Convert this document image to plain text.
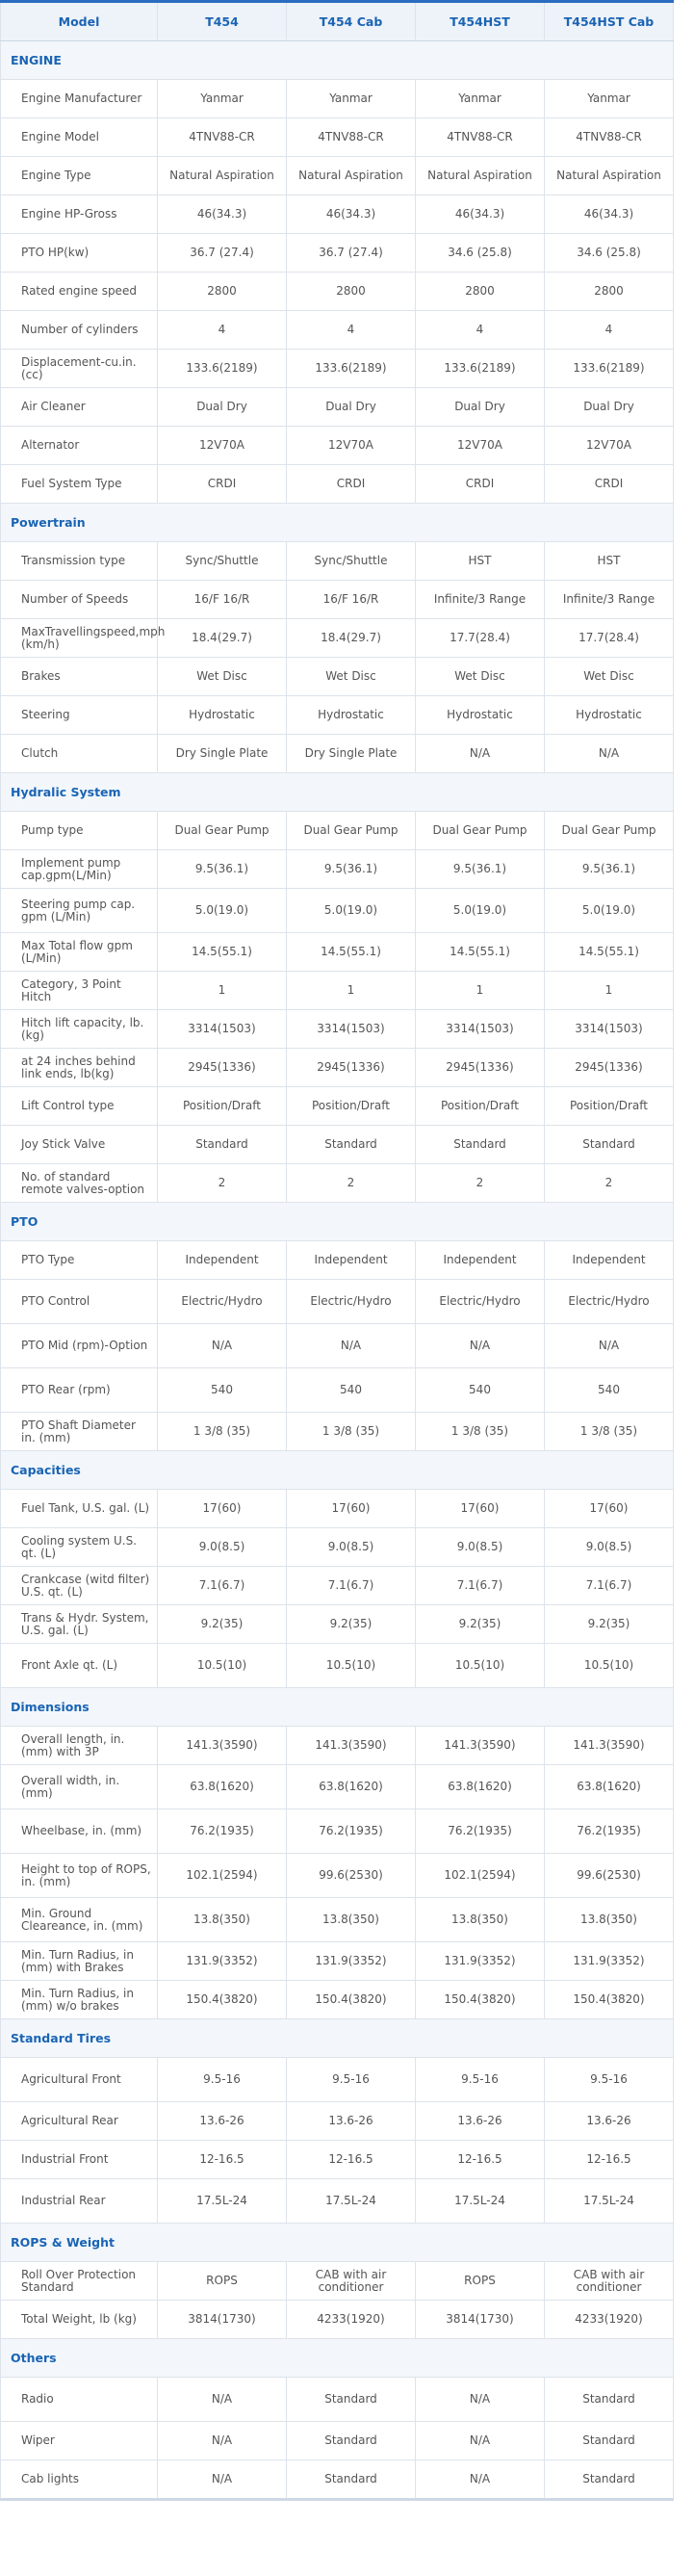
Model	T454	T454 Cab	T454HST	T454HST Cab
ENGINE				
Engine Manufacturer	Yanmar	Yanmar	Yanmar	Yanmar
Engine Model	4TNV88-CR	4TNV88-CR	4TNV88-CR	4TNV88-CR
Engine Type	Natural Aspiration	Natural Aspiration	Natural Aspiration	Natural Aspiration
Engine HP-Gross	46(34.3)	46(34.3)	46(34.3)	46(34.3)
PTO HP(kw)	36.7 (27.4)	36.7 (27.4)	34.6 (25.8)	34.6 (25.8)
Rated engine speed	2800	2800	2800	2800
Number of cylinders	4	4	4	4
Displacement-cu.in. (cc)	133.6(2189)	133.6(2189)	133.6(2189)	133.6(2189)
Air Cleaner	Dual Dry	Dual Dry	Dual Dry	Dual Dry
Alternator	12V70A	12V70A	12V70A	12V70A
Fuel System Type	CRDI	CRDI	CRDI	CRDI
Powertrain				
Transmission type	Sync/Shuttle	Sync/Shuttle	HST	HST
Number of Speeds	16/F 16/R	16/F 16/R	Infinite/3 Range	Infinite/3 Range
MaxTravellingspeed,mph (km/h)	18.4(29.7)	18.4(29.7)	17.7(28.4)	17.7(28.4)
Brakes	Wet Disc	Wet Disc	Wet Disc	Wet Disc
Steering	Hydrostatic	Hydrostatic	Hydrostatic	Hydrostatic
Clutch	Dry Single Plate	Dry Single Plate	N/A	N/A
Hydralic System				
Pump type	Dual Gear Pump	Dual Gear Pump	Dual Gear Pump	Dual Gear Pump
Implement pump cap.gpm(L/Min)	9.5(36.1)	9.5(36.1)	9.5(36.1)	9.5(36.1)
Steering pump cap. gpm (L/Min)	5.0(19.0)	5.0(19.0)	5.0(19.0)	5.0(19.0)
Max Total flow gpm (L/Min)	14.5(55.1)	14.5(55.1)	14.5(55.1)	14.5(55.1)
Category, 3 Point Hitch	1	1	1	1
Hitch lift capacity, lb. (kg)	3314(1503)	3314(1503)	3314(1503)	3314(1503)
at 24 inches behind link ends, lb(kg)	2945(1336)	2945(1336)	2945(1336)	2945(1336)
Lift Control type	Position/Draft	Position/Draft	Position/Draft	Position/Draft
Joy Stick Valve	Standard	Standard	Standard	Standard
No. of standard remote valves-option	2	2	2	2
PTO				
PTO Type	Independent	Independent	Independent	Independent
PTO Control	Electric/Hydro	Electric/Hydro	Electric/Hydro	Electric/Hydro
PTO Mid (rpm)-Option	N/A	N/A	N/A	N/A
PTO Rear (rpm)	540	540	540	540
PTO Shaft Diameter in. (mm)	1 3/8 (35)	1 3/8 (35)	1 3/8 (35)	1 3/8 (35)
Capacities				
Fuel Tank, U.S. gal. (L)	17(60)	17(60)	17(60)	17(60)
Cooling system U.S. qt. (L)	9.0(8.5)	9.0(8.5)	9.0(8.5)	9.0(8.5)
Crankcase (witd filter) U.S. qt. (L)	7.1(6.7)	7.1(6.7)	7.1(6.7)	7.1(6.7)
Trans & Hydr. System, U.S. gal. (L)	9.2(35)	9.2(35)	9.2(35)	9.2(35)
Front Axle qt. (L)	10.5(10)	10.5(10)	10.5(10)	10.5(10)
Dimensions				
Overall length, in. (mm) with 3P	141.3(3590)	141.3(3590)	141.3(3590)	141.3(3590)
Overall width, in. (mm)	63.8(1620)	63.8(1620)	63.8(1620)	63.8(1620)
Wheelbase, in. (mm)	76.2(1935)	76.2(1935)	76.2(1935)	76.2(1935)
Height to top of ROPS, in. (mm)	102.1(2594)	99.6(2530)	102.1(2594)	99.6(2530)
Min. Ground Cleareance, in. (mm)	13.8(350)	13.8(350)	13.8(350)	13.8(350)
Min. Turn Radius, in (mm) with Brakes	131.9(3352)	131.9(3352)	131.9(3352)	131.9(3352)
Min. Turn Radius, in (mm) w/o brakes	150.4(3820)	150.4(3820)	150.4(3820)	150.4(3820)
Standard Tires				
Agricultural Front	9.5-16	9.5-16	9.5-16	9.5-16
Agricultural Rear	13.6-26	13.6-26	13.6-26	13.6-26
Industrial Front	12-16.5	12-16.5	12-16.5	12-16.5
Industrial Rear	17.5L-24	17.5L-24	17.5L-24	17.5L-24
ROPS & Weight				
Roll Over Protection Standard	ROPS	CAB with air conditioner	ROPS	CAB with air conditioner
Total Weight, lb (kg)	3814(1730)	4233(1920)	3814(1730)	4233(1920)
Others				
Radio	N/A	Standard	N/A	Standard
Wiper	N/A	Standard	N/A	Standard
Cab lights	N/A	Standard	N/A	Standard
